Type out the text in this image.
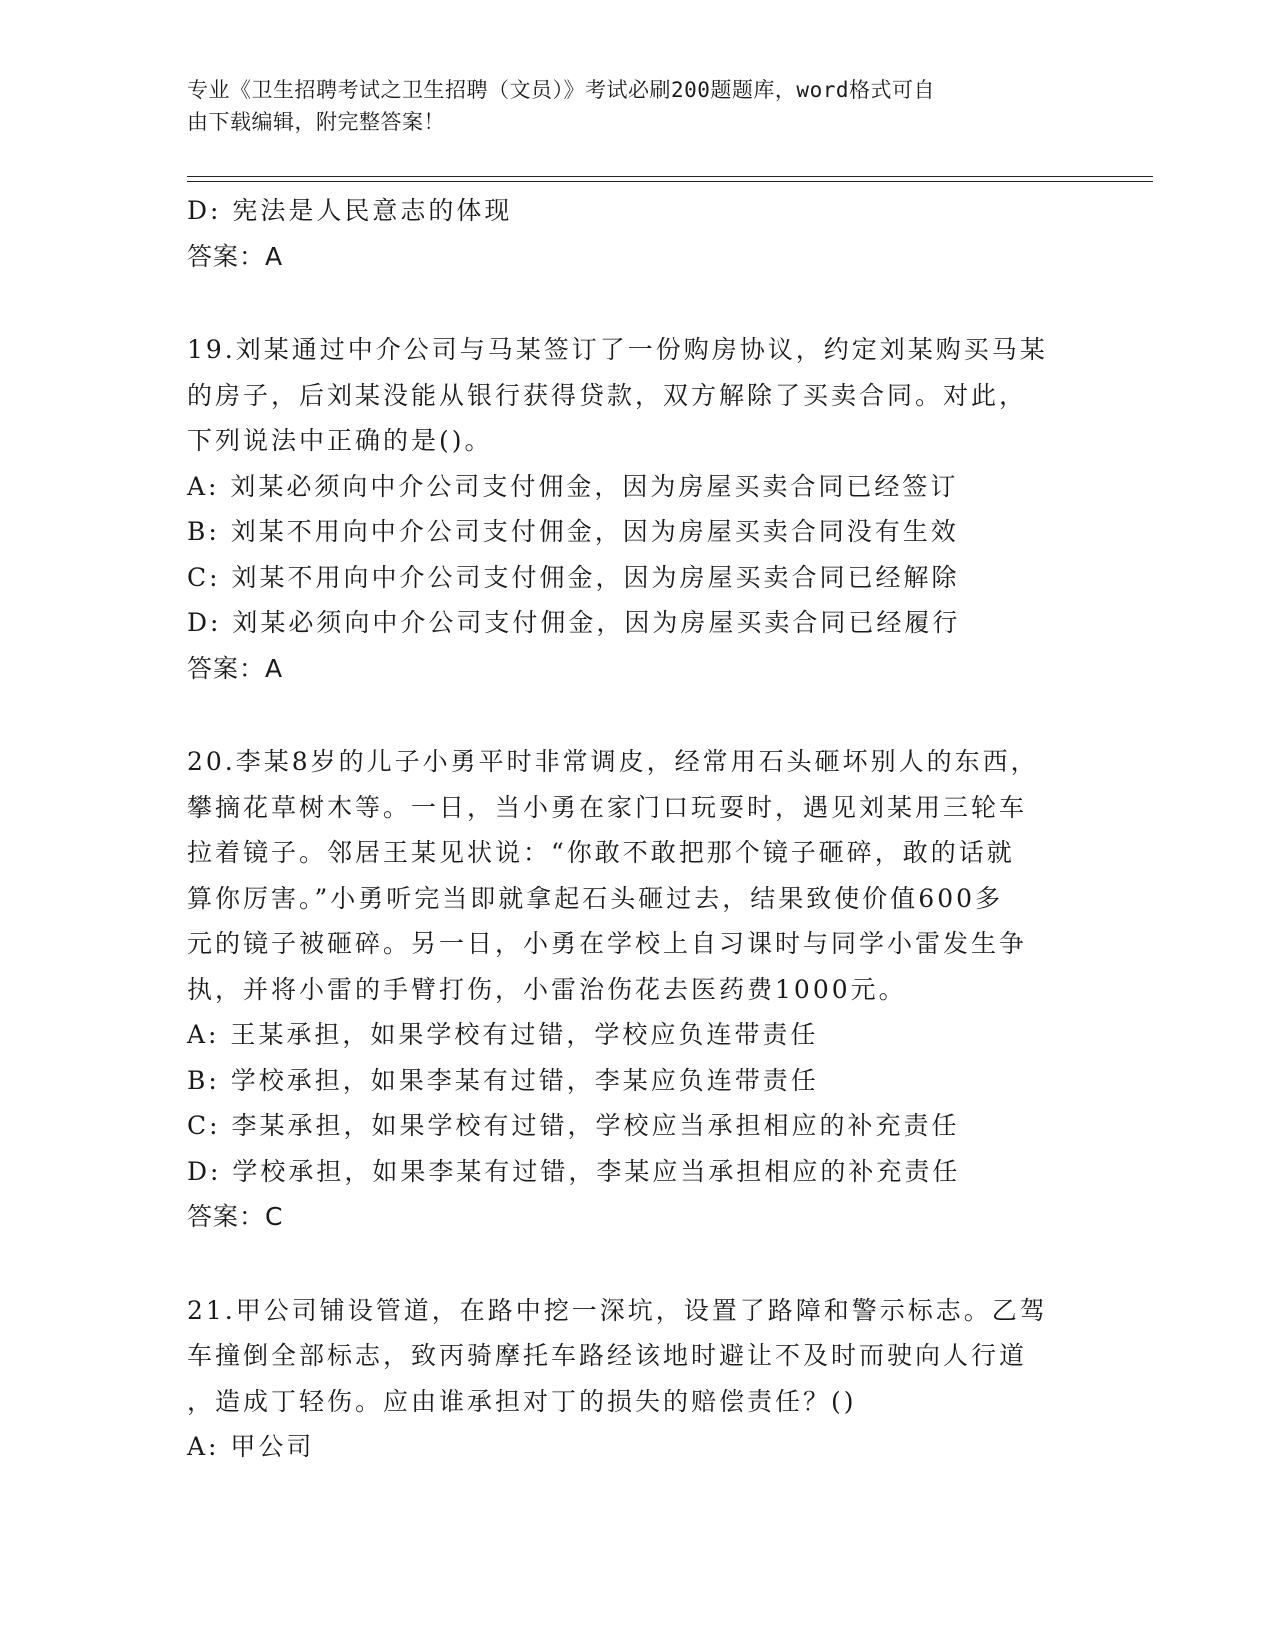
专业《卫生招聘考试之卫生招聘（文员）》考试必刷200题题库，word格式可自
由下载编辑，附完整答案！
D: 宪法是人民意志的体现
答案：A
19.刘某通过中介公司与马某签订了一份购房协议，约定刘某购买马某
的房子，后刘某没能从银行获得贷款，双方解除了买卖合同。对此，
下列说法中正确的是()。
A: 刘某必须向中介公司支付佣金，因为房屋买卖合同已经签订
B: 刘某不用向中介公司支付佣金，因为房屋买卖合同没有生效
C: 刘某不用向中介公司支付佣金，因为房屋买卖合同已经解除
D: 刘某必须向中介公司支付佣金，因为房屋买卖合同已经履行
答案：A
20.李某8岁的儿子小勇平时非常调皮，经常用石头砸坏别人的东西，
攀摘花草树木等。一日，当小勇在家门口玩耍时，遇见刘某用三轮车
拉着镜子。邻居王某见状说：“你敢不敢把那个镜子砸碎，敢的话就
算你厉害。”小勇听完当即就拿起石头砸过去，结果致使价值600多
元的镜子被砸碎。另一日，小勇在学校上自习课时与同学小雷发生争
执，并将小雷的手臂打伤，小雷治伤花去医药费1000元。
A: 王某承担，如果学校有过错，学校应负连带责任
B: 学校承担，如果李某有过错，李某应负连带责任
C: 李某承担，如果学校有过错，学校应当承担相应的补充责任
D: 学校承担，如果李某有过错，李某应当承担相应的补充责任
答案：C
21.甲公司铺设管道，在路中挖一深坑，设置了路障和警示标志。乙驾
车撞倒全部标志，致丙骑摩托车路经该地时避让不及时而驶向人行道
，造成丁轻伤。应由谁承担对丁的损失的赔偿责任？()
A: 甲公司
